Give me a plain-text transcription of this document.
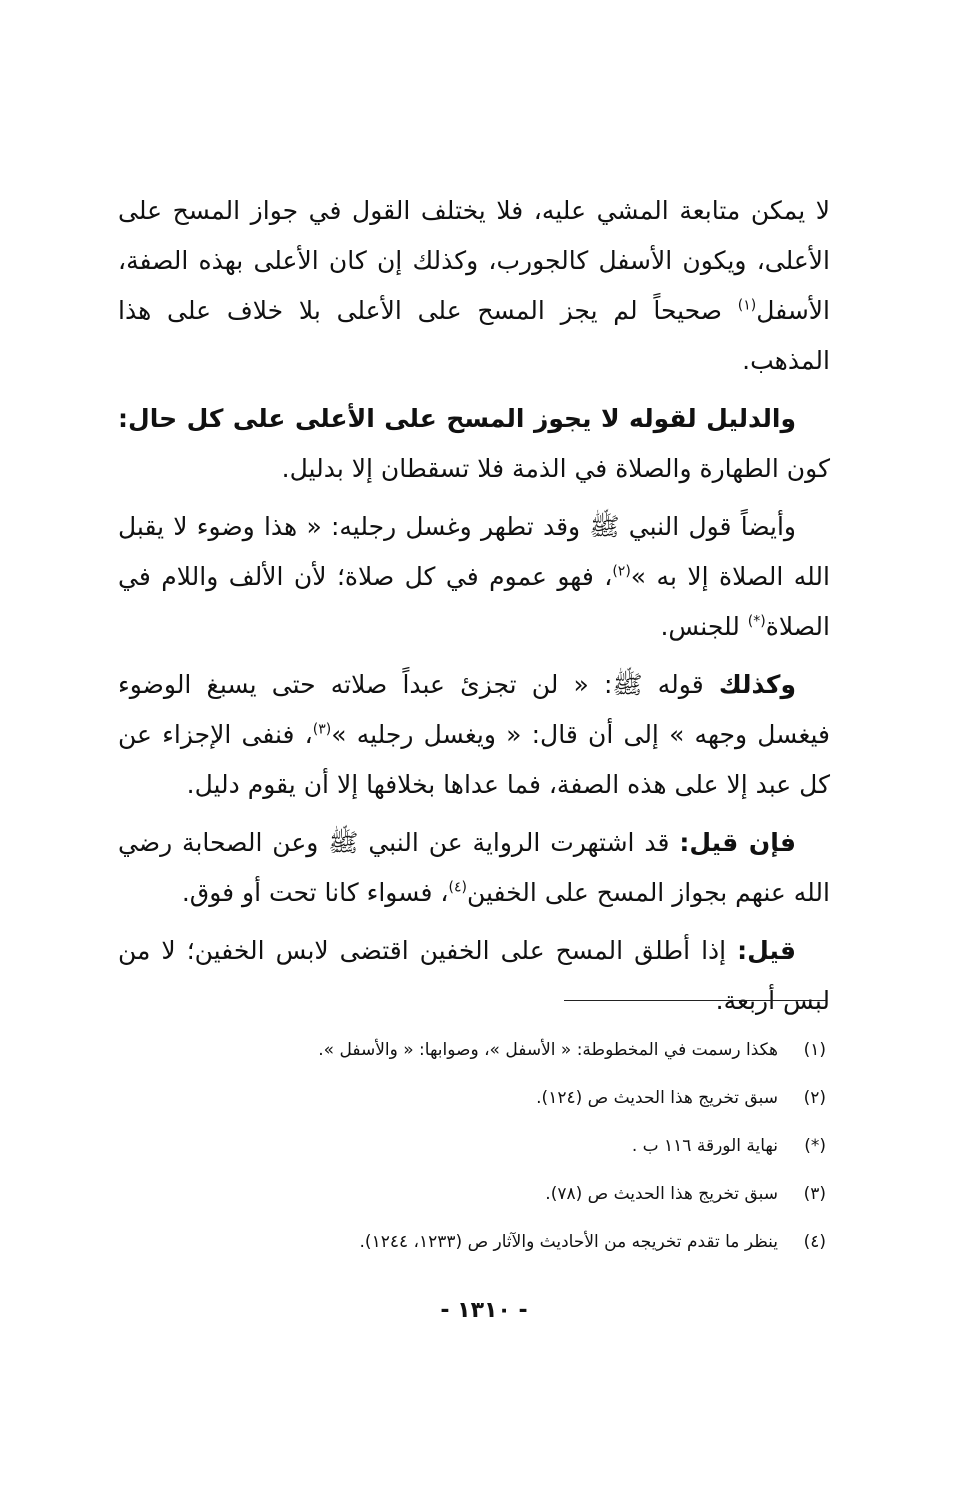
لا يمكن متابعة المشي عليه، فلا يختلف القول في جواز المسح على الأعلى، ويكون الأسفل كالجورب، وكذلك إن كان الأعلى بهذه الصفة، الأسفل$^{(١)}$ صحيحاً لم يجز المسح على الأعلى بلا خلاف على هذا المذهب.

والدليل لقوله لا يجوز المسح على الأعلى على كل حال: كون الطهارة والصلاة في الذمة فلا تسقطان إلا بدليل.

وأيضاً قول النبي ﷺ وقد تطهر وغسل رجليه: « هذا وضوء لا يقبل الله الصلاة إلا به »$^{(٢)}$، فهو عموم في كل صلاة؛ لأن الألف واللام في الصلاة(*) للجنس.

وكذلك قوله ﷺ: « لن تجزئ عبداً صلاته حتى يسبغ الوضوء فيغسل وجهه » إلى أن قال: « ويغسل رجليه »$^{(٣)}$، فنفى الإجزاء عن كل عبد إلا على هذه الصفة، فما عداها بخلافها إلا أن يقوم دليل.

فإن قيل: قد اشتهرت الرواية عن النبي ﷺ وعن الصحابة رضي الله عنهم بجواز المسح على الخفين$^{(٤)}$، فسواء كانا تحت أو فوق.

قيل: إذا أطلق المسح على الخفين اقتضى لابس الخفين؛ لا من لبس أربعة.

(١)
هكذا رسمت في المخطوطة: « الأسفل »، وصوابها: « والأسفل ».
(٢)
سبق تخريج هذا الحديث ص (١٢٤).
(*)
نهاية الورقة ١١٦ ب .
(٣)
سبق تخريج هذا الحديث ص (٧٨).
(٤)
ينظر ما تقدم تخريجه من الأحاديث والآثار ص (١٢٣٣، ١٢٤٤).
- ١٣١٠ -
